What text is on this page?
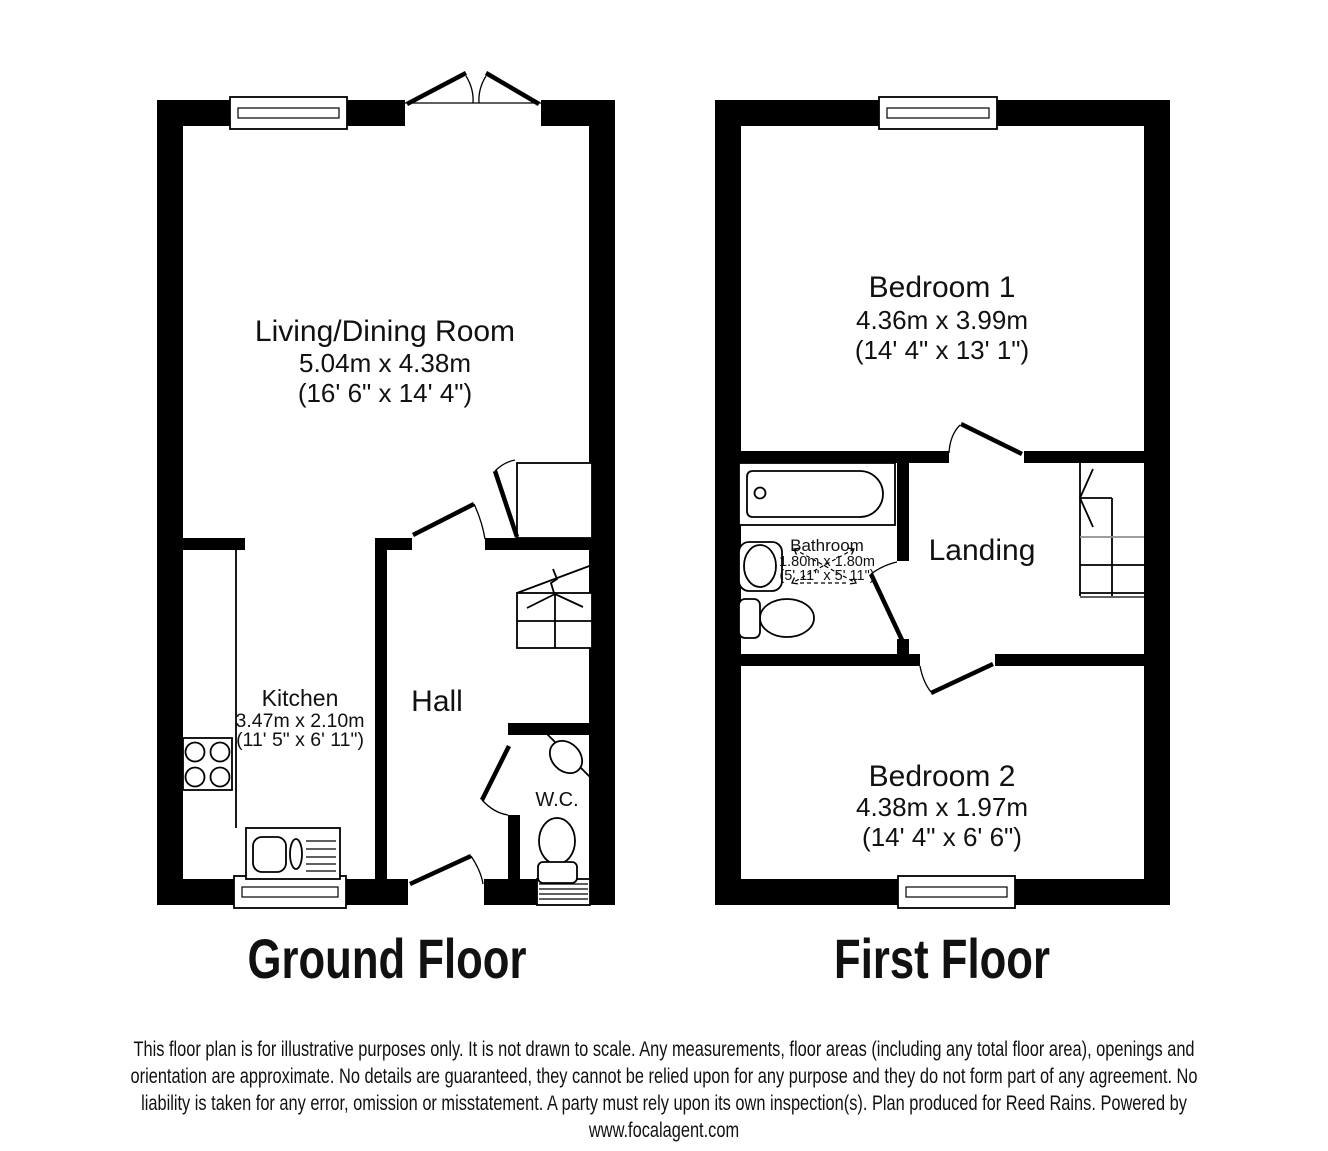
Living/Dining Room
5.04m x 4.38m
(16' 6" x 14' 4")
Kitchen
3.47m x 2.10m
(11' 5" x 6' 11")
Hall
W.C.
Ground Floor
Bedroom 1
4.36m x 3.99m
(14' 4" x 13' 1")
Bathroom
1.80m x 1.80m
(5' 11" x 5' 11")
Landing
Bedroom 2
4.38m x 1.97m
(14' 4" x 6' 6")
First Floor
This floor plan is for illustrative purposes only. It is not drawn to scale. Any measurements, floor areas (including any total floor area), openings and
orientation are approximate. No details are guaranteed, they cannot be relied upon for any purpose and they do not form part of any agreement. No
liability is taken for any error, omission or misstatement. A party must rely upon its own inspection(s). Plan produced for Reed Rains. Powered by
www.focalagent.com
